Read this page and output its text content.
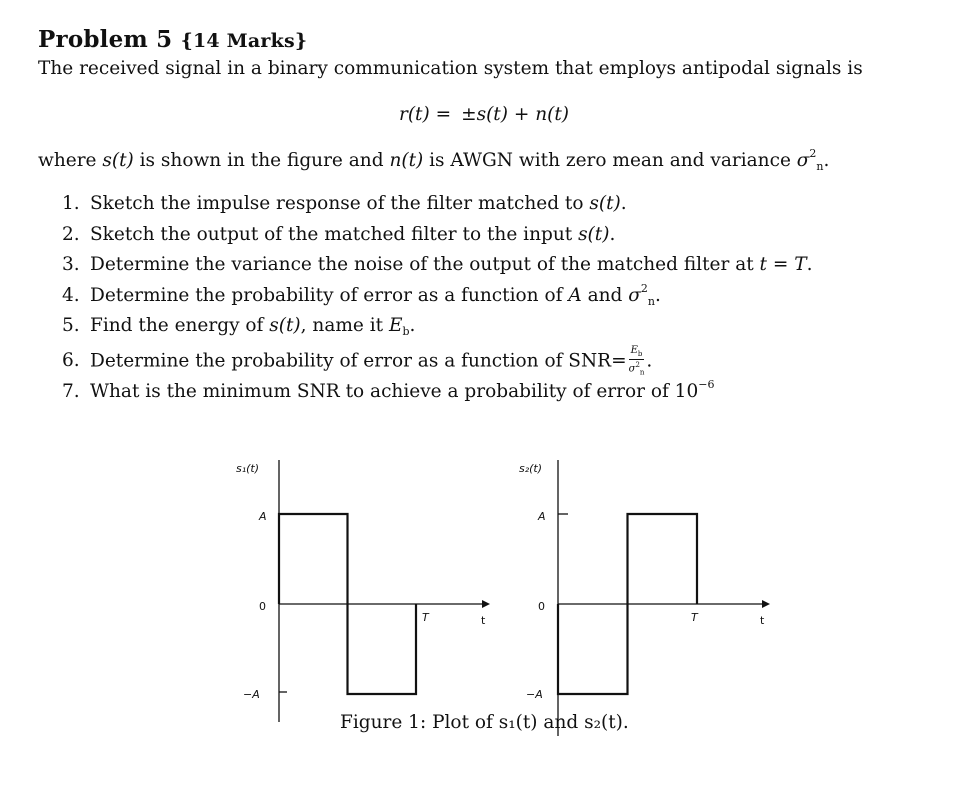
Problem 5 {14 Marks}
The received signal in a binary communication system that employs antipodal signals is
r(t) = ±s(t) + n(t)
where s(t) is shown in the figure and n(t) is AWGN with zero mean and variance $\sigma^2_n$.
1. Sketch the impulse response of the filter matched to s(t).
2. Sketch the output of the matched filter to the input s(t).
3. Determine the variance the noise of the output of the matched filter at t = T.
4. Determine the probability of error as a function of A and $\sigma^2_n$.
5. Find the energy of s(t), name it $E_b$.
6. Determine the probability of error as a function of $SNR= \frac{E_b}{\sigma^2_n}$ .
7. What is the minimum SNR to achieve a probability of error of $10^{-6}$
s₁(t)
A
0
−A
T	t
s₂(t)
A
0
−A
T	t
Figure 1: Plot of s₁(t) and s₂(t).
